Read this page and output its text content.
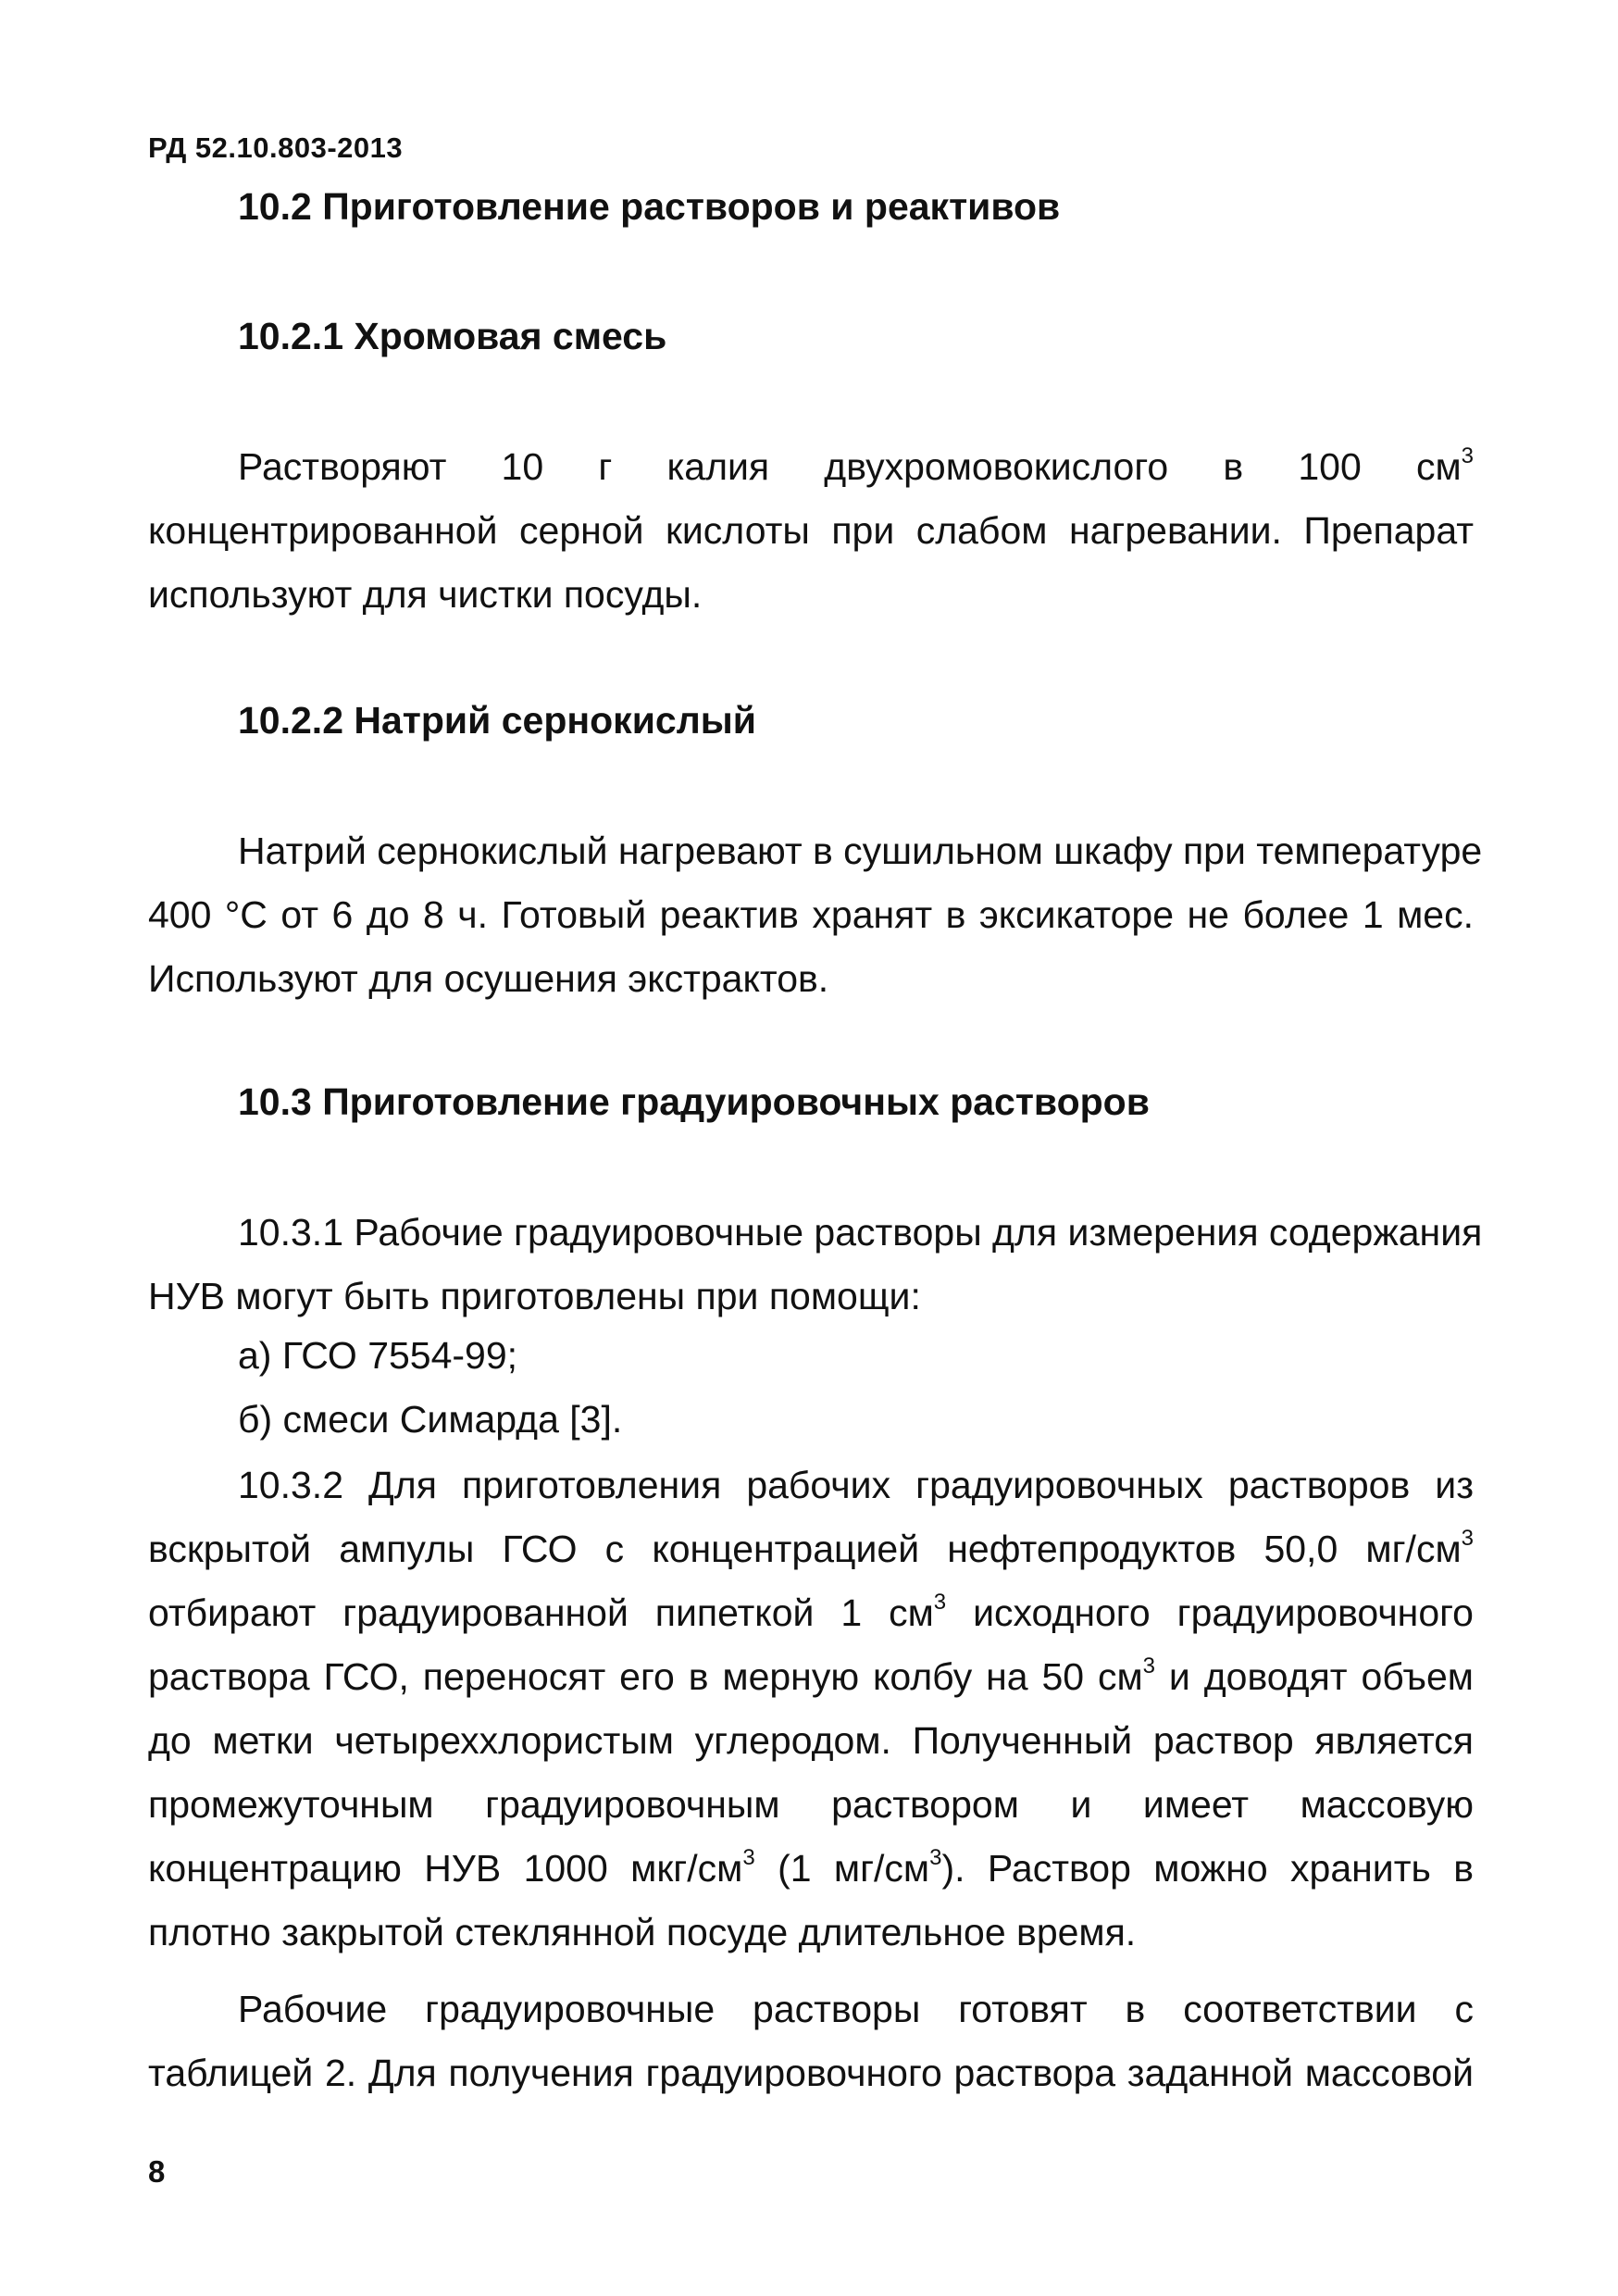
РД 52.10.803-2013

10.2 Приготовление растворов и реактивов
10.2.1 Хромовая смесь
Растворяют 10 г калия двухромовокислого в 100 $см^3$
концентрированной серной кислоты при слабом нагревании. Препарат
используют для чистки посуды.
10.2.2 Натрий сернокислый
Натрий сернокислый нагревают в сушильном шкафу при температуре
400 °С от 6 до 8 ч. Готовый реактив хранят в эксикаторе не более 1 мес.
Используют для осушения экстрактов.
10.3 Приготовление градуировочных растворов
10.3.1 Рабочие градуировочные растворы для измерения содержания
НУВ могут быть приготовлены при помощи:

а) ГСО 7554-99;

б) смеси Симарда [3].

10.3.2 Для приготовления рабочих градуировочных растворов из
вскрытой ампулы ГСО с концентрацией нефтепродуктов 50,0 $мг/см^3$
отбирают градуированной пипеткой 1 $см^3$ исходного градуировочного
раствора ГСО, переносят его в мерную колбу на 50 $см^3$ и доводят объем
до метки четыреххлористым углеродом. Полученный раствор является
промежуточным градуировочным раствором и имеет массовую
концентрацию НУВ 1000 мкг/$см^3$ (1 $мг/см^3$). Раствор можно хранить в
плотно закрытой стеклянной посуде длительное время.
Рабочие градуировочные растворы готовят в соответствии с
таблицей 2. Для получения градуировочного раствора заданной массовой

8
